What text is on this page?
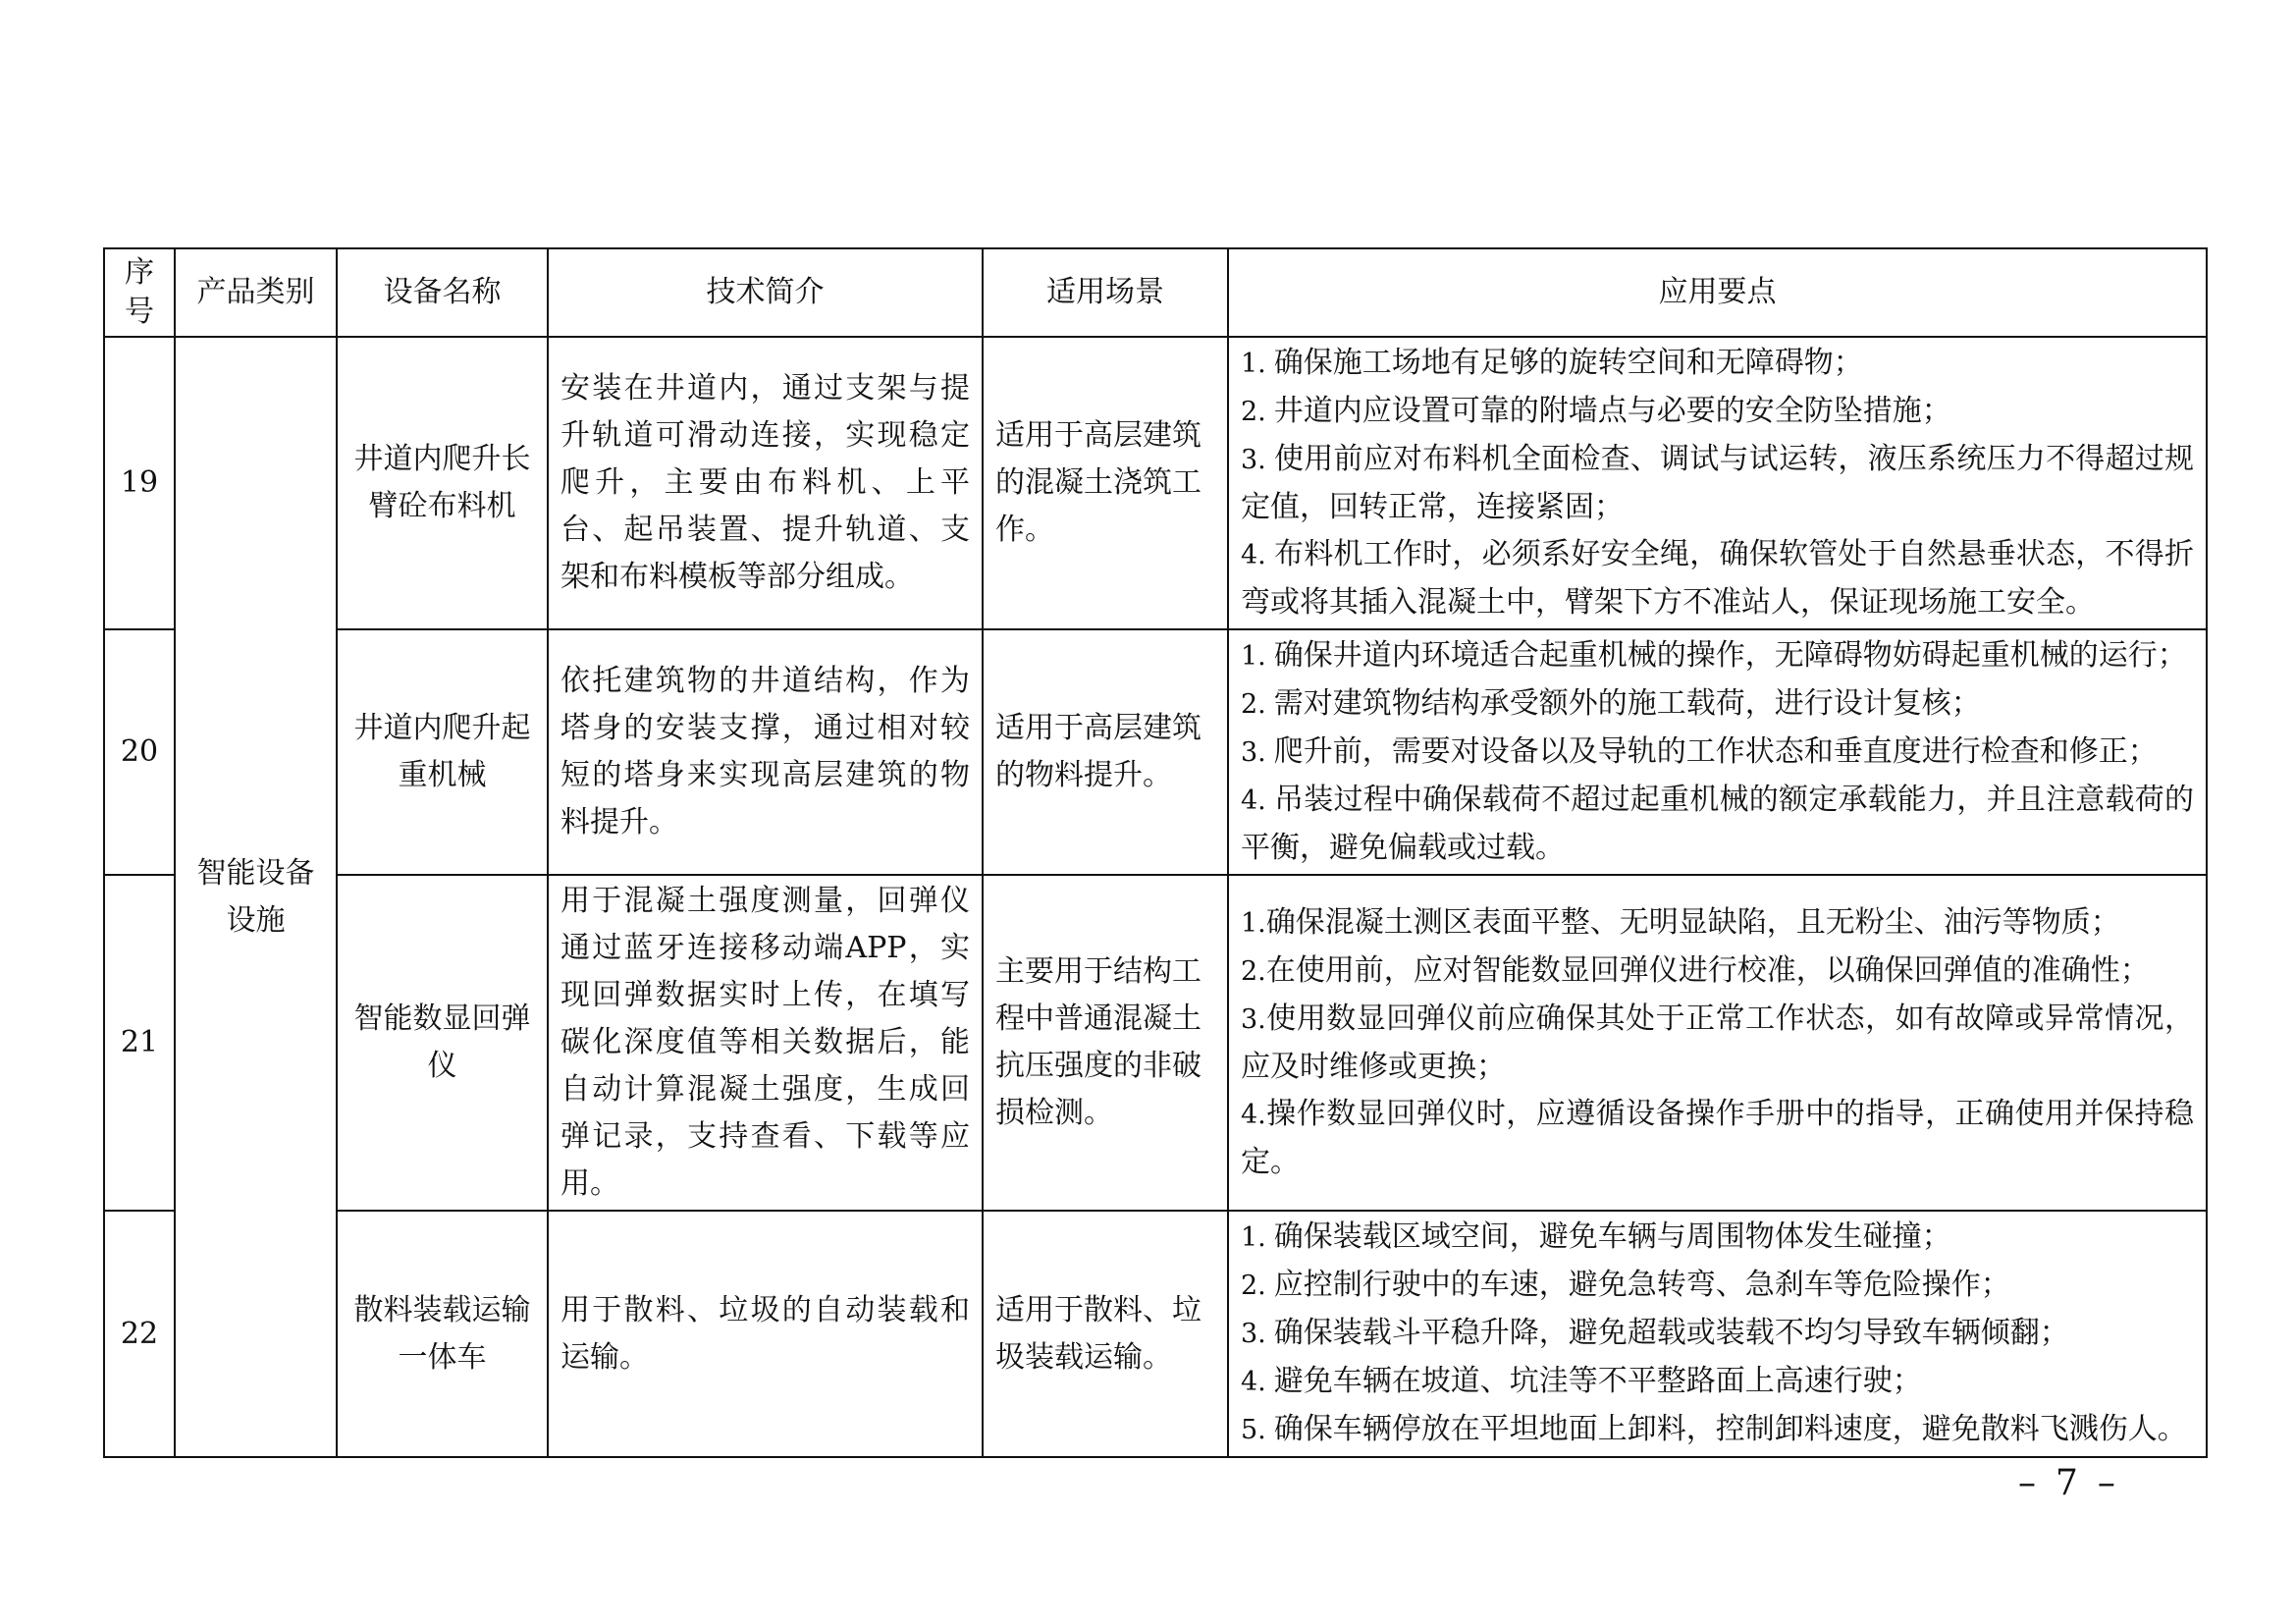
序号	产品类别	设备名称	技术简介	适用场景	应用要点
19	智能设备设施	井道内爬升长臂砼布料机	安装在井道内，通过支架与提升轨道可滑动连接，实现稳定爬升，主要由布料机、上平台、起吊装置、提升轨道、支架和布料模板等部分组成。	适用于高层建筑的混凝土浇筑工作。	1. 确保施工场地有足够的旋转空间和无障碍物；
2. 井道内应设置可靠的附墙点与必要的安全防坠措施；
3. 使用前应对布料机全面检查、调试与试运转，液压系统压力不得超过规定值，回转正常，连接紧固；
4. 布料机工作时，必须系好安全绳，确保软管处于自然悬垂状态，不得折弯或将其插入混凝土中，臂架下方不准站人，保证现场施工安全。

20		井道内爬升起重机械	依托建筑物的井道结构，作为塔身的安装支撑，通过相对较短的塔身来实现高层建筑的物料提升。	适用于高层建筑的物料提升。	1. 确保井道内环境适合起重机械的操作，无障碍物妨碍起重机械的运行；
2. 需对建筑物结构承受额外的施工载荷，进行设计复核；
3. 爬升前，需要对设备以及导轨的工作状态和垂直度进行检查和修正；
4. 吊装过程中确保载荷不超过起重机械的额定承载能力，并且注意载荷的平衡，避免偏载或过载。

21		智能数显回弹仪	用于混凝土强度测量，回弹仪通过蓝牙连接移动端APP，实现回弹数据实时上传，在填写碳化深度值等相关数据后，能自动计算混凝土强度，生成回弹记录，支持查看、下载等应用。	主要用于结构工程中普通混凝土抗压强度的非破损检测。	1.确保混凝土测区表面平整、无明显缺陷，且无粉尘、油污等物质；
2.在使用前，应对智能数显回弹仪进行校准，以确保回弹值的准确性；
3.使用数显回弹仪前应确保其处于正常工作状态，如有故障或异常情况，应及时维修或更换；
4.操作数显回弹仪时，应遵循设备操作手册中的指导，正确使用并保持稳定。

22		散料装载运输一体车	用于散料、垃圾的自动装载和运输。	适用于散料、垃圾装载运输。	1. 确保装载区域空间，避免车辆与周围物体发生碰撞；
2. 应控制行驶中的车速，避免急转弯、急刹车等危险操作；
3. 确保装载斗平稳升降，避免超载或装载不均匀导致车辆倾翻；
4. 避免车辆在坡道、坑洼等不平整路面上高速行驶；
5. 确保车辆停放在平坦地面上卸料，控制卸料速度，避免散料飞溅伤人。
– 7 –
